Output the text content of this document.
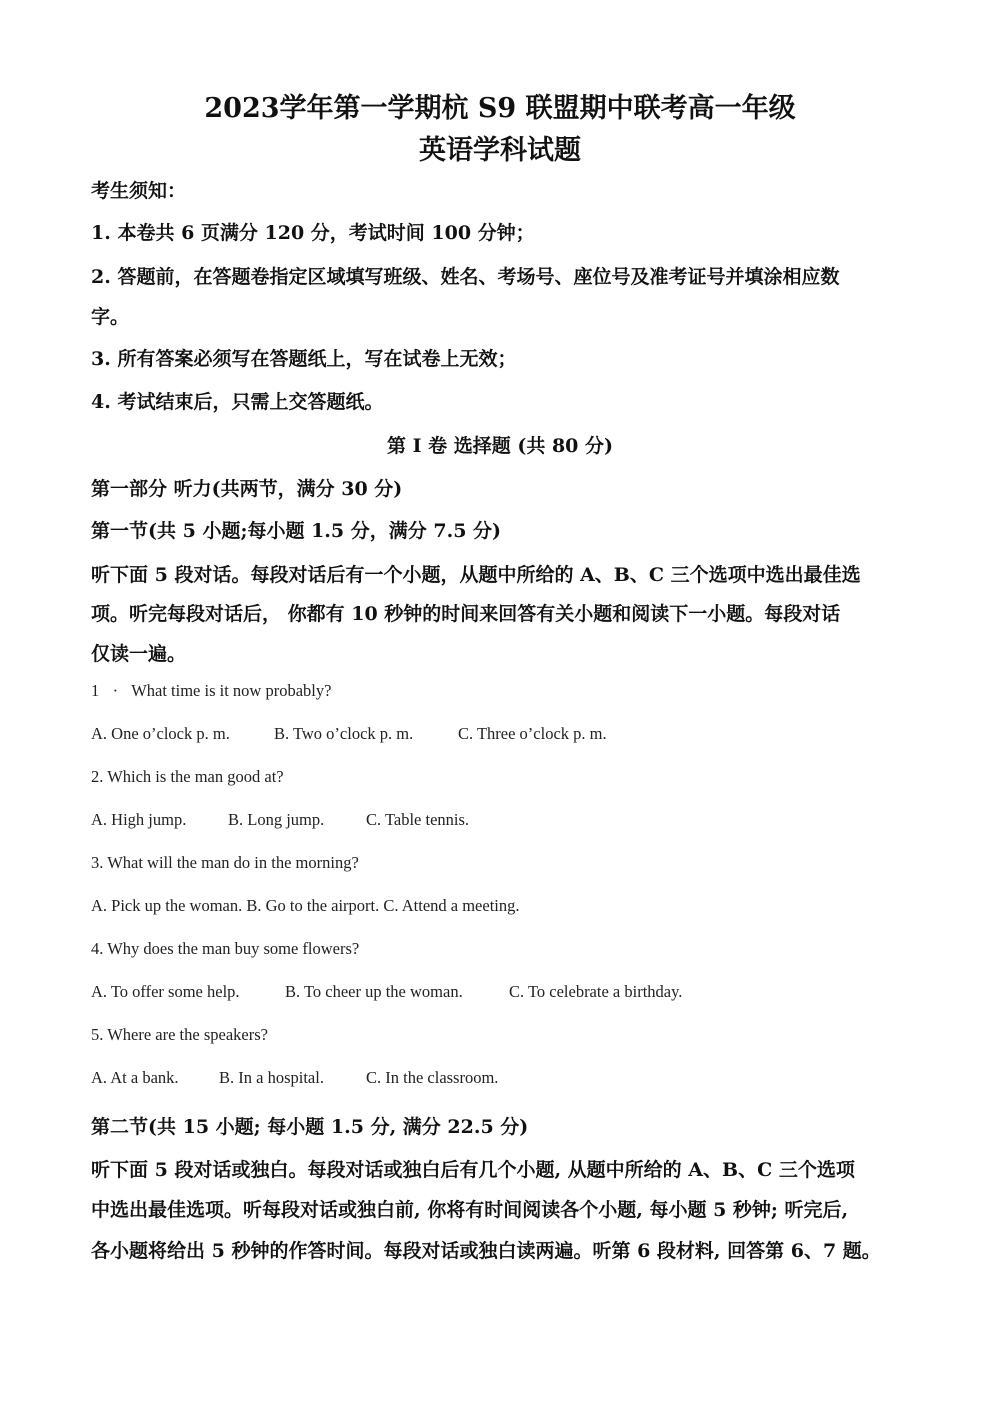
2023学年第一学期杭 S9 联盟期中联考高一年级
英语学科试题
考生须知：
1. 本卷共 6 页满分 120 分，考试时间 100 分钟；
2. 答题前，在答题卷指定区域填写班级、姓名、考场号、座位号及准考证号并填涂相应数
字。
3. 所有答案必须写在答题纸上，写在试卷上无效；
4. 考试结束后，只需上交答题纸。
第 I 卷 选择题 (共 80 分)
第一部分 听力(共两节，满分 30 分)
第一节(共 5 小题;每小题 1.5 分，满分 7.5 分)
听下面 5 段对话。每段对话后有一个小题，从题中所给的 A、B、C 三个选项中选出最佳选
项。听完每段对话后， 你都有 10 秒钟的时间来回答有关小题和阅读下一小题。每段对话
仅读一遍。
1 · What time is it now probably?
A. One o’clock p. m.	B. Two o’clock p. m.	C. Three o’clock p. m.
2. Which is the man good at?
A. High jump.	B. Long jump.	C. Table tennis.
3. What will the man do in the morning?
A. Pick up the woman. B. Go to the airport. C. Attend a meeting.
4. Why does the man buy some flowers?
A. To offer some help.	B. To cheer up the woman.	C. To celebrate a birthday.
5. Where are the speakers?
A. At a bank. B. In a hospital.	C. In the classroom.
第二节(共 15 小题; 每小题 1.5 分, 满分 22.5 分)
听下面 5 段对话或独白。每段对话或独白后有几个小题, 从题中所给的 A、B、C 三个选项
中选出最佳选项。听每段对话或独白前, 你将有时间阅读各个小题, 每小题 5 秒钟; 听完后,
各小题将给出 5 秒钟的作答时间。每段对话或独白读两遍。听第 6 段材料, 回答第 6、7 题。
